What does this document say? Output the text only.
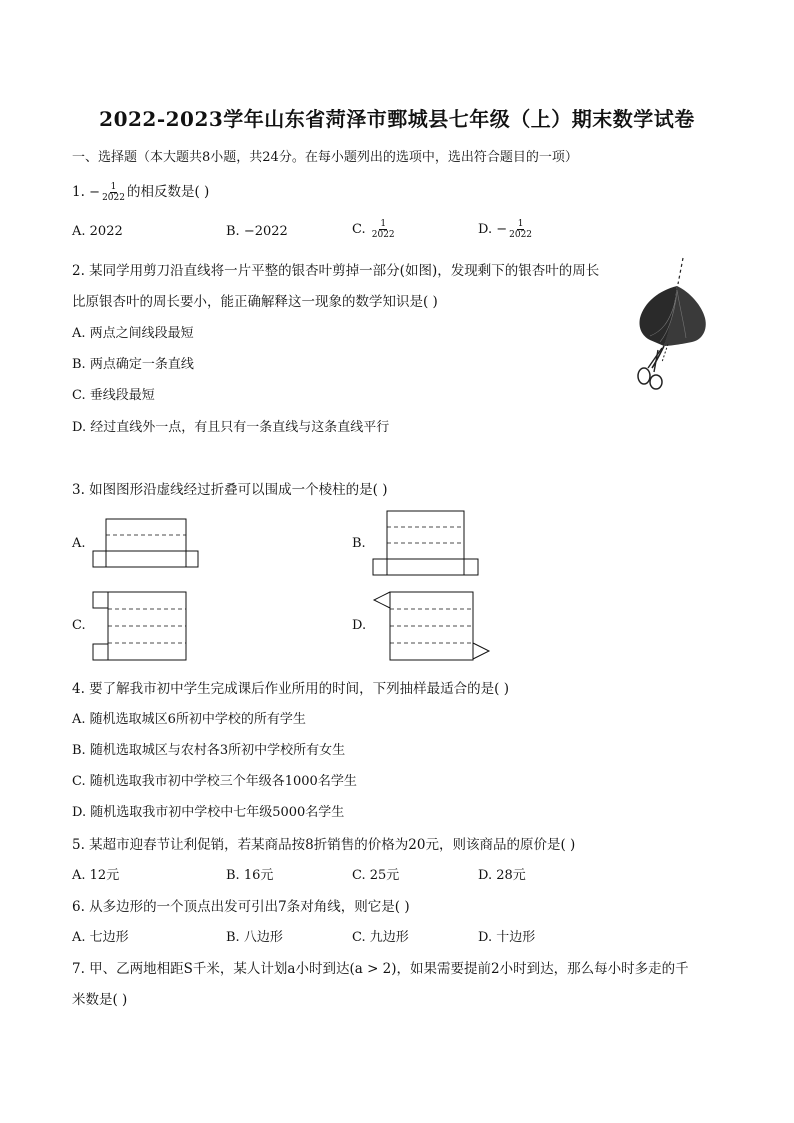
2022-2023学年山东省菏泽市鄄城县七年级（上）期末数学试卷
一、选择题（本大题共8小题，共24分。在每小题列出的选项中，选出符合题目的一项）
1. − $\frac{1}{2022}$ 的相反数是( )
A. 2022	B. −2022	C. $\frac{1}{2022}$	D. − $\frac{1}{2022}$
2. 某同学用剪刀沿直线将一片平整的银杏叶剪掉一部分(如图)，发现剩下的银杏叶的周长
比原银杏叶的周长要小，能正确解释这一现象的数学知识是( )
A. 两点之间线段最短
B. 两点确定一条直线
C. 垂线段最短
D. 经过直线外一点，有且只有一条直线与这条直线平行
3. 如图图形沿虚线经过折叠可以围成一个棱柱的是( )
A.	B.
C.	D.
4. 要了解我市初中学生完成课后作业所用的时间，下列抽样最适合的是( )
A. 随机选取城区6所初中学校的所有学生
B. 随机选取城区与农村各3所初中学校所有女生
C. 随机选取我市初中学校三个年级各1000名学生
D. 随机选取我市初中学校中七年级5000名学生
5. 某超市迎春节让利促销，若某商品按8折销售的价格为20元，则该商品的原价是( )
A. 12元	B. 16元	C. 25元	D. 28元
6. 从多边形的一个顶点出发可引出7条对角线，则它是( )
A. 七边形	B. 八边形	C. 九边形	D. 十边形
7. 甲、乙两地相距S千米，某人计划a小时到达(a > 2)，如果需要提前2小时到达，那么每小时多走的千
米数是( )
